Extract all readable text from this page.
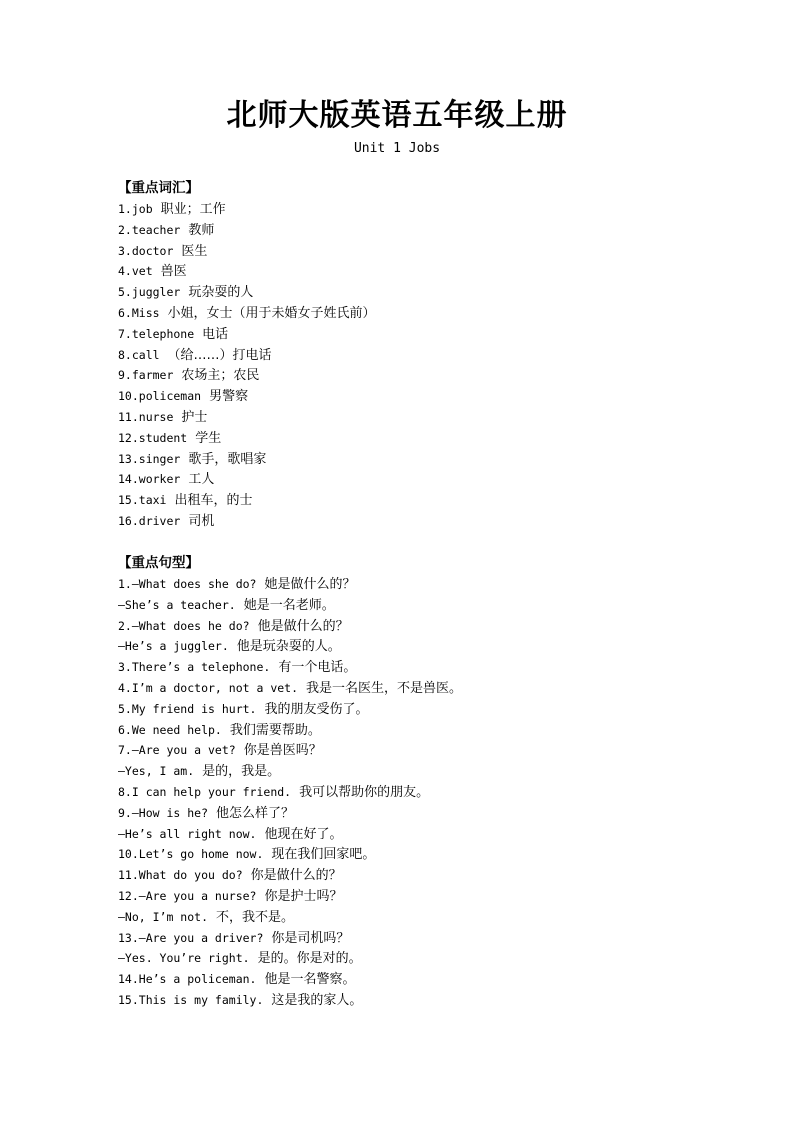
北师大版英语五年级上册
Unit 1 Jobs
【重点词汇】
1.job 职业；工作
2.teacher 教师
3.doctor 医生
4.vet 兽医
5.juggler 玩杂耍的人
6.Miss 小姐，女士（用于未婚女子姓氏前）
7.telephone 电话
8.call （给……）打电话
9.farmer 农场主；农民
10.policeman 男警察
11.nurse 护士
12.student 学生
13.singer 歌手，歌唱家
14.worker 工人
15.taxi 出租车，的士
16.driver 司机
【重点句型】
1.—What does she do? 她是做什么的？
—She’s a teacher. 她是一名老师。
2.—What does he do? 他是做什么的？
—He’s a juggler. 他是玩杂耍的人。
3.There’s a telephone. 有一个电话。
4.I’m a doctor, not a vet. 我是一名医生，不是兽医。
5.My friend is hurt. 我的朋友受伤了。
6.We need help. 我们需要帮助。
7.—Are you a vet? 你是兽医吗？
—Yes, I am. 是的，我是。
8.I can help your friend. 我可以帮助你的朋友。
9.—How is he? 他怎么样了？
—He’s all right now. 他现在好了。
10.Let’s go home now. 现在我们回家吧。
11.What do you do? 你是做什么的？
12.—Are you a nurse? 你是护士吗？
—No, I’m not. 不，我不是。
13.—Are you a driver? 你是司机吗？
—Yes. You’re right. 是的。你是对的。
14.He’s a policeman. 他是一名警察。
15.This is my family. 这是我的家人。
